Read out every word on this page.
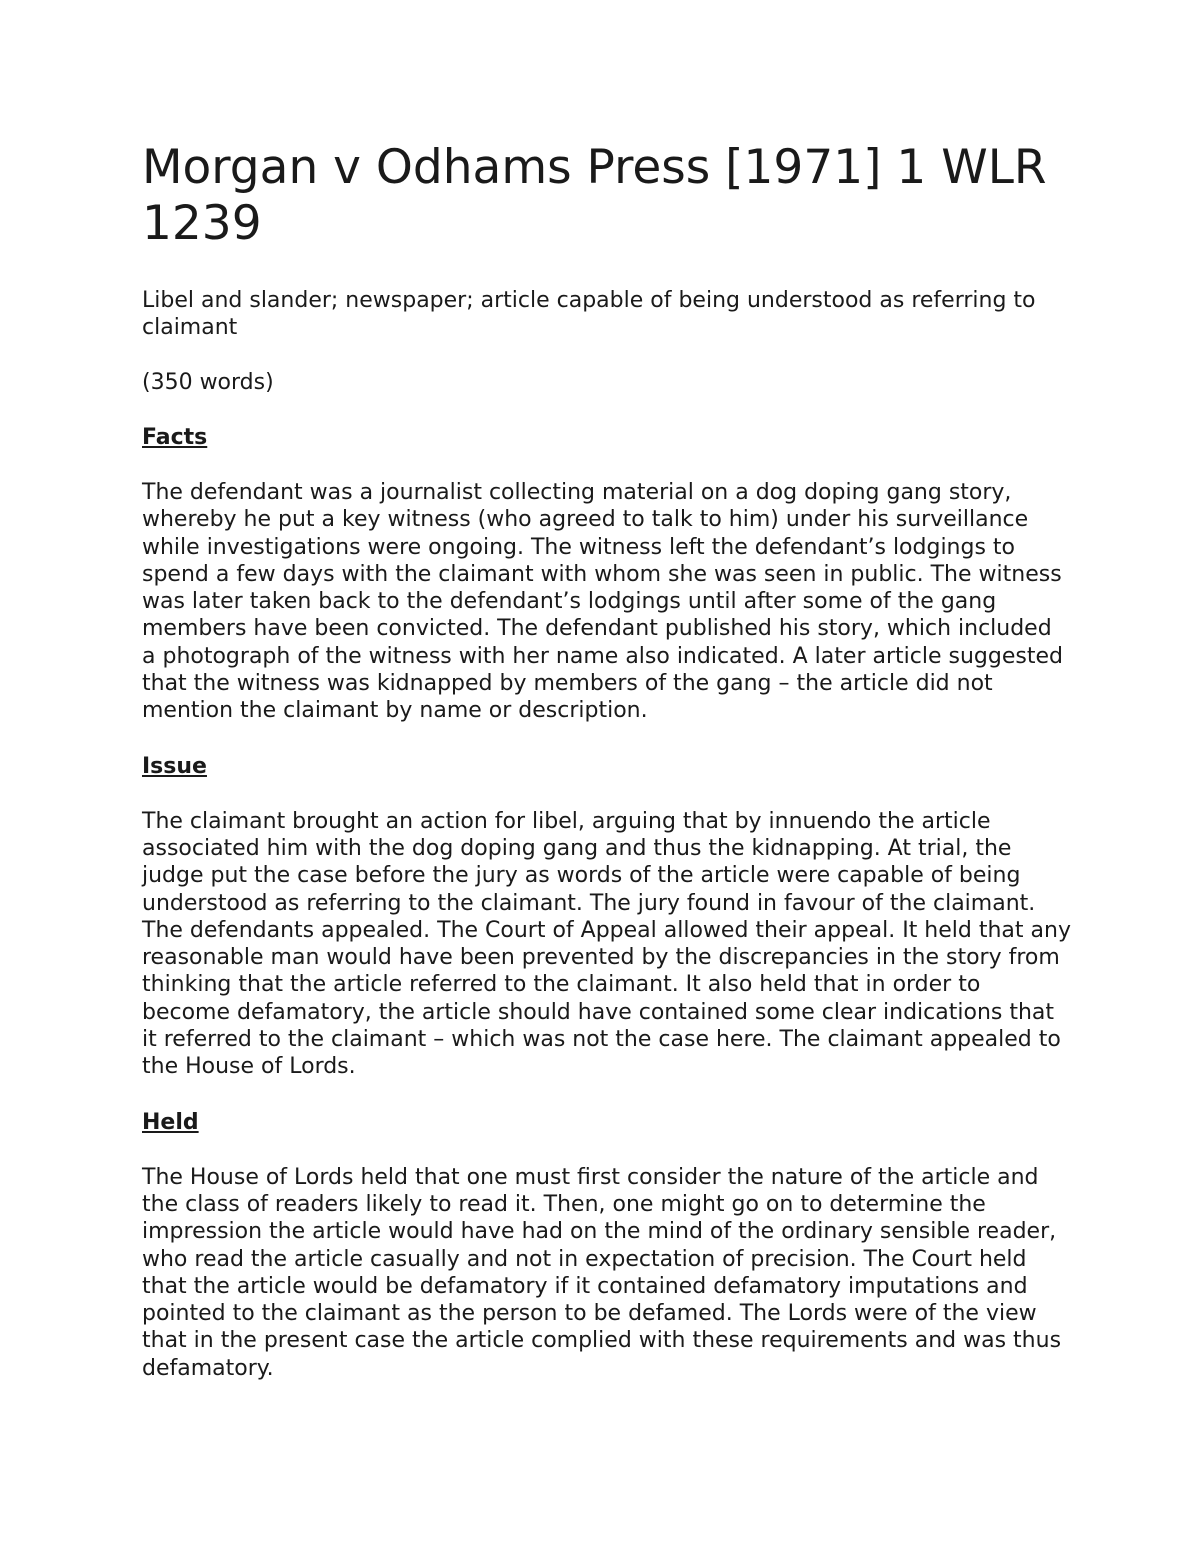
Morgan v Odhams Press [1971] 1 WLR 1239

Libel and slander; newspaper; article capable of being understood as referring to claimant

(350 words)

Facts

The defendant was a journalist collecting material on a dog doping gang story, whereby he put a key witness (who agreed to talk to him) under his surveillance while investigations were ongoing. The witness left the defendant’s lodgings to spend a few days with the claimant with whom she was seen in public. The witness was later taken back to the defendant’s lodgings until after some of the gang members have been convicted. The defendant published his story, which included a photograph of the witness with her name also indicated. A later article suggested that the witness was kidnapped by members of the gang – the article did not mention the claimant by name or description.

Issue

The claimant brought an action for libel, arguing that by innuendo the article associated him with the dog doping gang and thus the kidnapping. At trial, the judge put the case before the jury as words of the article were capable of being understood as referring to the claimant. The jury found in favour of the claimant. The defendants appealed. The Court of Appeal allowed their appeal. It held that any reasonable man would have been prevented by the discrepancies in the story from thinking that the article referred to the claimant. It also held that in order to become defamatory, the article should have contained some clear indications that it referred to the claimant – which was not the case here. The claimant appealed to the House of Lords.

Held

The House of Lords held that one must first consider the nature of the article and the class of readers likely to read it. Then, one might go on to determine the impression the article would have had on the mind of the ordinary sensible reader, who read the article casually and not in expectation of precision. The Court held that the article would be defamatory if it contained defamatory imputations and pointed to the claimant as the person to be defamed. The Lords were of the view that in the present case the article complied with these requirements and was thus defamatory.
